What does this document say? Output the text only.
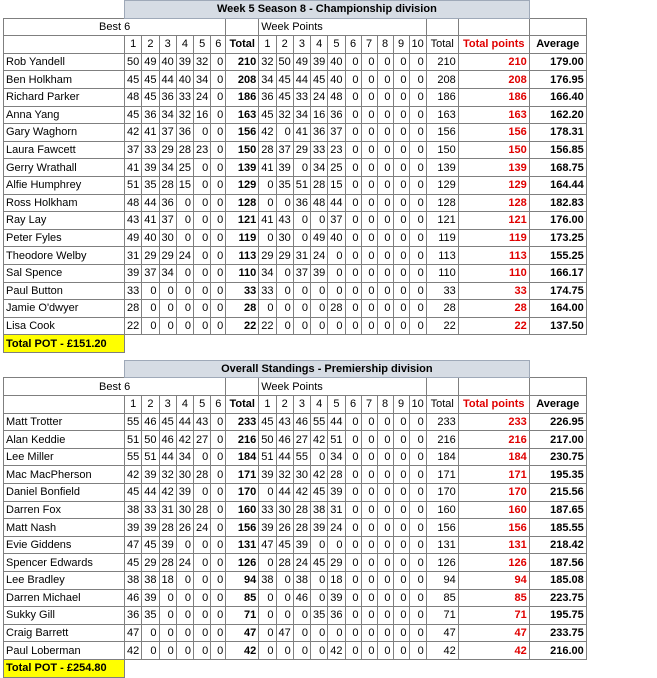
	Week 5 Season 8 - Championship division																			
Best 6								Week Points												
	1	2	3	4	5	6	Total	1	2	3	4	5	6	7	8	9	10	Total	Total points	Average
Rob Yandell	50	49	40	39	32	0	210	32	50	49	39	40	0	0	0	0	0	210	210	179.00
Ben Holkham	45	45	44	40	34	0	208	34	45	44	45	40	0	0	0	0	0	208	208	176.95
Richard Parker	48	45	36	33	24	0	186	36	45	33	24	48	0	0	0	0	0	186	186	166.40
Anna Yang	45	36	34	32	16	0	163	45	32	34	16	36	0	0	0	0	0	163	163	162.20
Gary Waghorn	42	41	37	36	0	0	156	42	0	41	36	37	0	0	0	0	0	156	156	178.31
Laura Fawcett	37	33	29	28	23	0	150	28	37	29	33	23	0	0	0	0	0	150	150	156.85
Gerry Wrathall	41	39	34	25	0	0	139	41	39	0	34	25	0	0	0	0	0	139	139	168.75
Alfie Humphrey	51	35	28	15	0	0	129	0	35	51	28	15	0	0	0	0	0	129	129	164.44
Ross Holkham	48	44	36	0	0	0	128	0	0	36	48	44	0	0	0	0	0	128	128	182.83
Ray Lay	43	41	37	0	0	0	121	41	43	0	0	37	0	0	0	0	0	121	121	176.00
Peter Fyles	49	40	30	0	0	0	119	0	30	0	49	40	0	0	0	0	0	119	119	173.25
Theodore Welby	31	29	29	24	0	0	113	29	29	31	24	0	0	0	0	0	0	113	113	155.25
Sal Spence	39	37	34	0	0	0	110	34	0	37	39	0	0	0	0	0	0	110	110	166.17
Paul Button	33	0	0	0	0	0	33	33	0	0	0	0	0	0	0	0	0	33	33	174.75
Jamie O'dwyer	28	0	0	0	0	0	28	0	0	0	0	28	0	0	0	0	0	28	28	164.00
Lisa Cook	22	0	0	0	0	0	22	22	0	0	0	0	0	0	0	0	0	22	22	137.50
Total POT - £151.20																				

	Overall Standings - Premiership division																			
Best 6								Week Points												
	1	2	3	4	5	6	Total	1	2	3	4	5	6	7	8	9	10	Total	Total points	Average
Matt Trotter	55	46	45	44	43	0	233	45	43	46	55	44	0	0	0	0	0	233	233	226.95
Alan Keddie	51	50	46	42	27	0	216	50	46	27	42	51	0	0	0	0	0	216	216	217.00
Lee Miller	55	51	44	34	0	0	184	51	44	55	0	34	0	0	0	0	0	184	184	230.75
Mac MacPherson	42	39	32	30	28	0	171	39	32	30	42	28	0	0	0	0	0	171	171	195.35
Daniel Bonfield	45	44	42	39	0	0	170	0	44	42	45	39	0	0	0	0	0	170	170	215.56
Darren Fox	38	33	31	30	28	0	160	33	30	28	38	31	0	0	0	0	0	160	160	187.65
Matt Nash	39	39	28	26	24	0	156	39	26	28	39	24	0	0	0	0	0	156	156	185.55
Evie Giddens	47	45	39	0	0	0	131	47	45	39	0	0	0	0	0	0	0	131	131	218.42
Spencer Edwards	45	29	28	24	0	0	126	0	28	24	45	29	0	0	0	0	0	126	126	187.56
Lee Bradley	38	38	18	0	0	0	94	38	0	38	0	18	0	0	0	0	0	94	94	185.08
Darren Michael	46	39	0	0	0	0	85	0	0	46	0	39	0	0	0	0	0	85	85	223.75
Sukky Gill	36	35	0	0	0	0	71	0	0	0	35	36	0	0	0	0	0	71	71	195.75
Craig Barrett	47	0	0	0	0	0	47	0	47	0	0	0	0	0	0	0	0	47	47	233.75
Paul Loberman	42	0	0	0	0	0	42	0	0	0	0	42	0	0	0	0	0	42	42	216.00
Total POT - £254.80																				
